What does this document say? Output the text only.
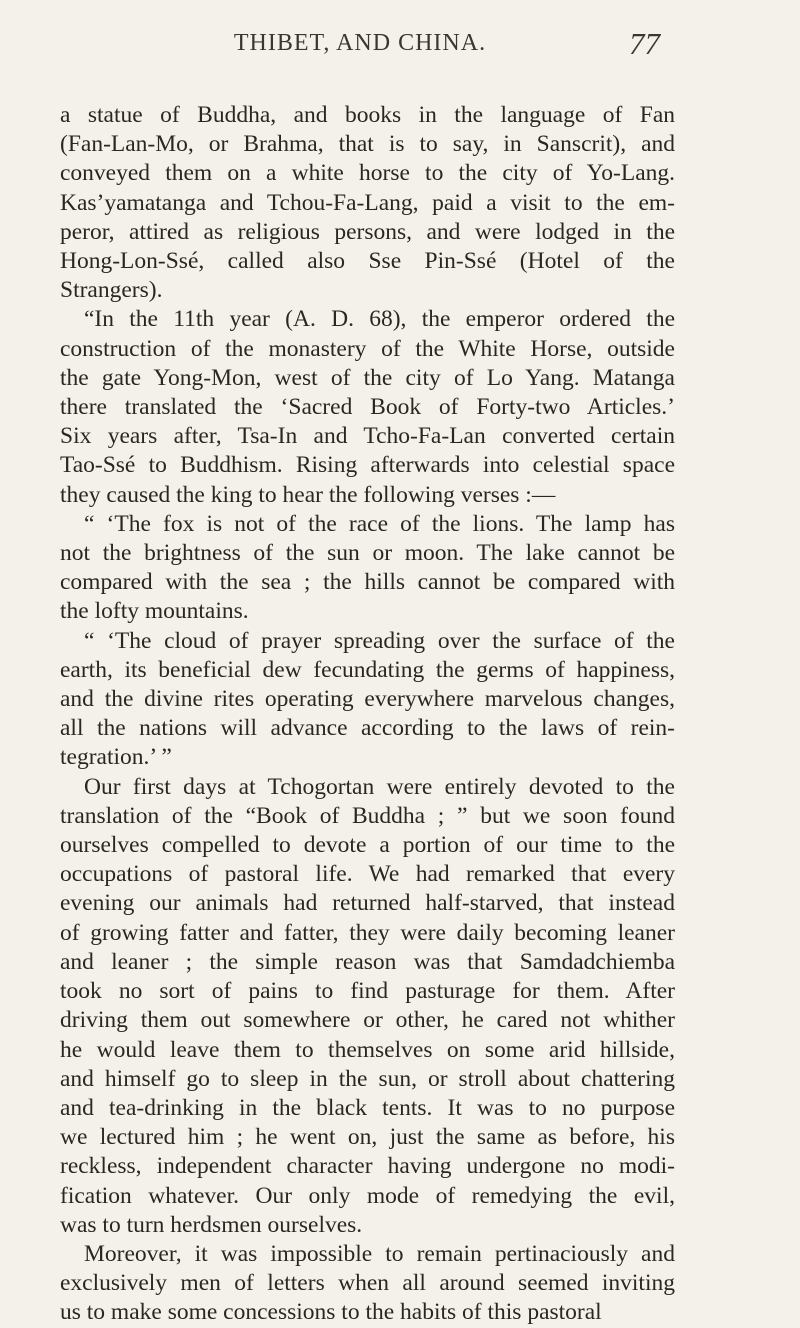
THIBET, AND CHINA.	77

a statue of Buddha, and books in the language of Fan
(Fan-Lan-Mo, or Brahma, that is to say, in Sanscrit), and
conveyed them on a white horse to the city of Yo-Lang.
Kas’yamatanga and Tchou-Fa-Lang, paid a visit to the em-
peror, attired as religious persons, and were lodged in the
Hong-Lon-Ssé, called also Sse Pin-Ssé (Hotel of the
Strangers).

“In the 11th year (A. D. 68), the emperor ordered the
construction of the monastery of the White Horse, outside
the gate Yong-Mon, west of the city of Lo Yang. Matanga
there translated the ‘Sacred Book of Forty-two Articles.’
Six years after, Tsa-In and Tcho-Fa-Lan converted certain
Tao-Ssé to Buddhism. Rising afterwards into celestial space
they caused the king to hear the following verses :—

“ ‘The fox is not of the race of the lions. The lamp has
not the brightness of the sun or moon. The lake cannot be
compared with the sea ; the hills cannot be compared with
the lofty mountains.

“ ‘The cloud of prayer spreading over the surface of the
earth, its beneficial dew fecundating the germs of happiness,
and the divine rites operating everywhere marvelous changes,
all the nations will advance according to the laws of rein-
tegration.’ ”

Our first days at Tchogortan were entirely devoted to the
translation of the “Book of Buddha ; ” but we soon found
ourselves compelled to devote a portion of our time to the
occupations of pastoral life. We had remarked that every
evening our animals had returned half-starved, that instead
of growing fatter and fatter, they were daily becoming leaner
and leaner ; the simple reason was that Samdadchiemba
took no sort of pains to find pasturage for them. After
driving them out somewhere or other, he cared not whither
he would leave them to themselves on some arid hillside,
and himself go to sleep in the sun, or stroll about chattering
and tea-drinking in the black tents. It was to no purpose
we lectured him ; he went on, just the same as before, his
reckless, independent character having undergone no modi-
fication whatever. Our only mode of remedying the evil,
was to turn herdsmen ourselves.

Moreover, it was impossible to remain pertinaciously and
exclusively men of letters when all around seemed inviting
us to make some concessions to the habits of this pastoral
